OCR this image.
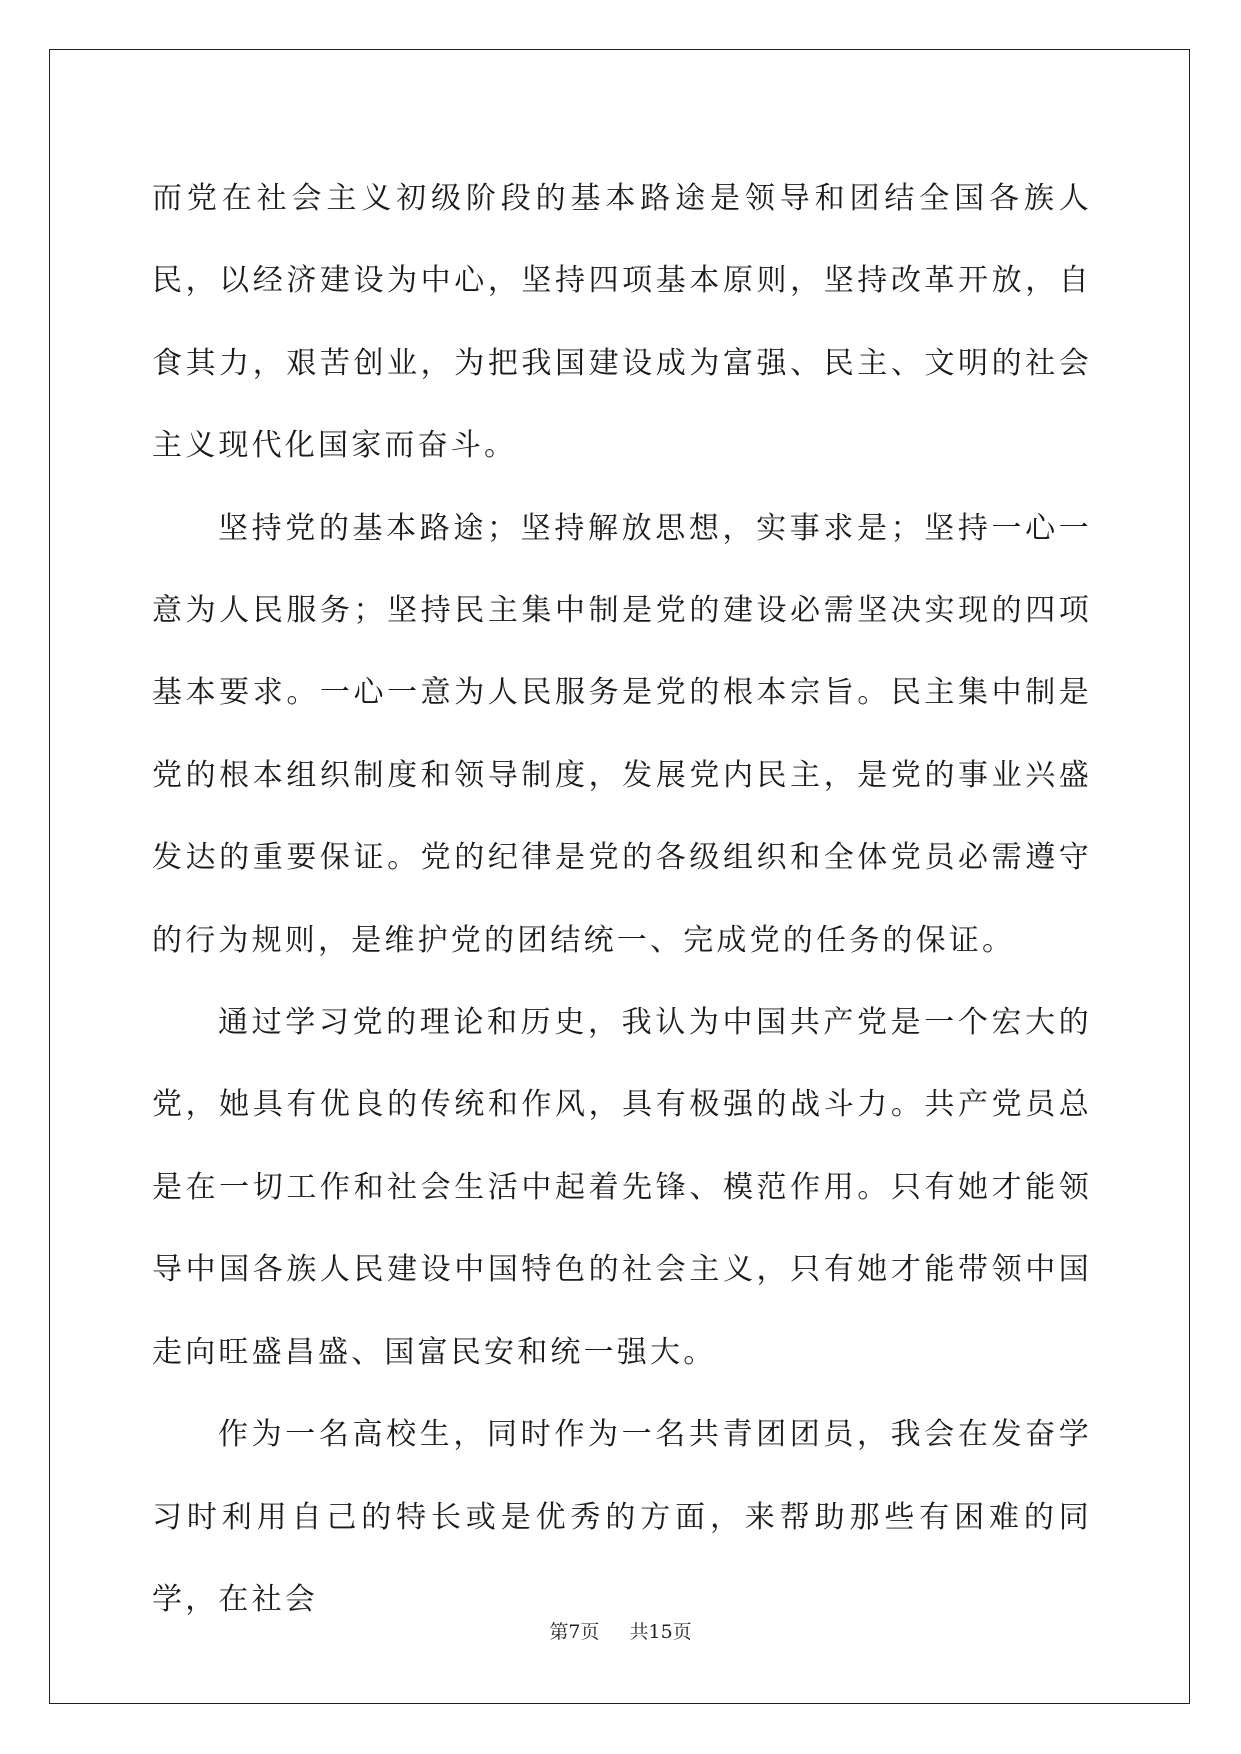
而党在社会主义初级阶段的基本路途是领导和团结全国各族人民，以经济建设为中心，坚持四项基本原则，坚持改革开放，自食其力，艰苦创业，为把我国建设成为富强、民主、文明的社会主义现代化国家而奋斗。

坚持党的基本路途；坚持解放思想，实事求是；坚持一心一意为人民服务；坚持民主集中制是党的建设必需坚决实现的四项基本要求。一心一意为人民服务是党的根本宗旨。民主集中制是党的根本组织制度和领导制度，发展党内民主，是党的事业兴盛发达的重要保证。党的纪律是党的各级组织和全体党员必需遵守的行为规则，是维护党的团结统一、完成党的任务的保证。

通过学习党的理论和历史，我认为中国共产党是一个宏大的党，她具有优良的传统和作风，具有极强的战斗力。共产党员总是在一切工作和社会生活中起着先锋、模范作用。只有她才能领导中国各族人民建设中国特色的社会主义，只有她才能带领中国走向旺盛昌盛、国富民安和统一强大。

作为一名高校生，同时作为一名共青团团员，我会在发奋学习时利用自己的特长或是优秀的方面，来帮助那些有困难的同学，在社会

第7页 共15页
